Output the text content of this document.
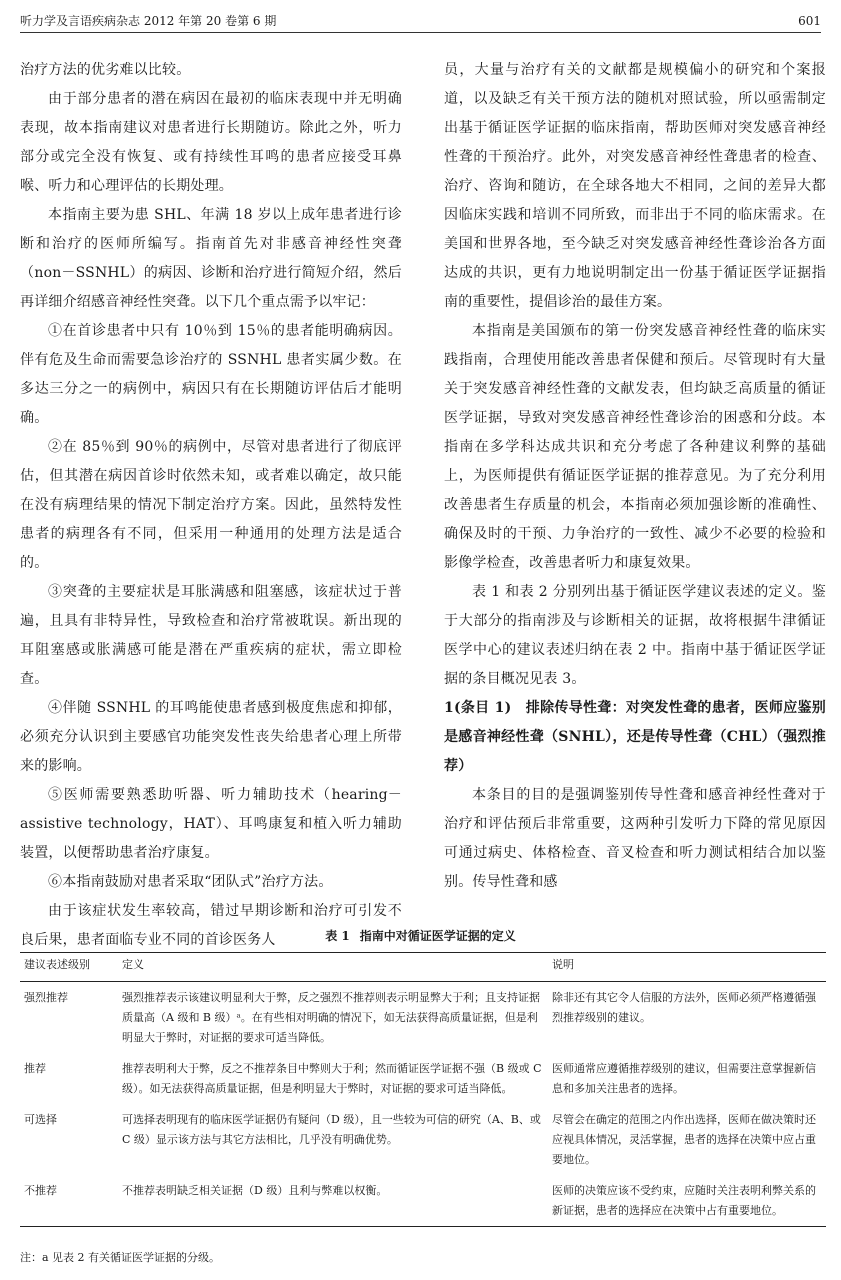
听力学及言语疾病杂志 2012 年第 20 卷第 6 期	601

治疗方法的优劣难以比较。

由于部分患者的潜在病因在最初的临床表现中并无明确表现，故本指南建议对患者进行长期随访。除此之外，听力部分或完全没有恢复、或有持续性耳鸣的患者应接受耳鼻喉、听力和心理评估的长期处理。

本指南主要为患 SHL、年满 18 岁以上成年患者进行诊断和治疗的医师所编写。指南首先对非感音神经性突聋（non－SSNHL）的病因、诊断和治疗进行简短介绍，然后再详细介绍感音神经性突聋。以下几个重点需予以牢记：

①在首诊患者中只有 10％到 15％的患者能明确病因。伴有危及生命而需要急诊治疗的 SSNHL 患者实属少数。在多达三分之一的病例中，病因只有在长期随访评估后才能明确。

②在 85％到 90％的病例中，尽管对患者进行了彻底评估，但其潜在病因首诊时依然未知，或者难以确定，故只能在没有病理结果的情况下制定治疗方案。因此，虽然特发性患者的病理各有不同，但采用一种通用的处理方法是适合的。

③突聋的主要症状是耳胀满感和阻塞感，该症状过于普遍，且具有非特异性，导致检查和治疗常被耽误。新出现的耳阻塞感或胀满感可能是潜在严重疾病的症状，需立即检查。

④伴随 SSNHL 的耳鸣能使患者感到极度焦虑和抑郁，必须充分认识到主要感官功能突发性丧失给患者心理上所带来的影响。

⑤医师需要熟悉助听器、听力辅助技术（hearing－assistive technology，HAT）、耳鸣康复和植入听力辅助装置，以便帮助患者治疗康复。

⑥本指南鼓励对患者采取“团队式”治疗方法。

由于该症状发生率较高，错过早期诊断和治疗可引发不良后果，患者面临专业不同的首诊医务人

员，大量与治疗有关的文献都是规模偏小的研究和个案报道，以及缺乏有关干预方法的随机对照试验，所以亟需制定出基于循证医学证据的临床指南，帮助医师对突发感音神经性聋的干预治疗。此外，对突发感音神经性聋患者的检查、治疗、咨询和随访，在全球各地大不相同，之间的差异大都因临床实践和培训不同所致，而非出于不同的临床需求。在美国和世界各地，至今缺乏对突发感音神经性聋诊治各方面达成的共识，更有力地说明制定出一份基于循证医学证据指南的重要性，提倡诊治的最佳方案。

本指南是美国颁布的第一份突发感音神经性聋的临床实践指南，合理使用能改善患者保健和预后。尽管现时有大量关于突发感音神经性聋的文献发表，但均缺乏高质量的循证医学证据，导致对突发感音神经性聋诊治的困惑和分歧。本指南在多学科达成共识和充分考虑了各种建议利弊的基础上，为医师提供有循证医学证据的推荐意见。为了充分利用改善患者生存质量的机会，本指南必须加强诊断的准确性、确保及时的干预、力争治疗的一致性、减少不必要的检验和影像学检查，改善患者听力和康复效果。

表 1 和表 2 分别列出基于循证医学建议表述的定义。鉴于大部分的指南涉及与诊断相关的证据，故将根据牛津循证医学中心的建议表述归纳在表 2 中。指南中基于循证医学证据的条目概况见表 3。

1(条目 1)　排除传导性聋：对突发性聋的患者，医师应鉴别是感音神经性聋（SNHL），还是传导性聋（CHL）（强烈推荐）

本条目的目的是强调鉴别传导性聋和感音神经性聋对于治疗和评估预后非常重要，这两种引发听力下降的常见原因可通过病史、体格检查、音叉检查和听力测试相结合加以鉴别。传导性聋和感

表 1 指南中对循证医学证据的定义
建议表述级别	定义	说明
强烈推荐	强烈推荐表示该建议明显利大于弊，反之强烈不推荐则表示明显弊大于利；且支持证据质量高（A 级和 B 级）ᵃ。在有些相对明确的情况下，如无法获得高质量证据，但是利明显大于弊时，对证据的要求可适当降低。	除非还有其它令人信服的方法外，医师必须严格遵循强烈推荐级别的建议。
推荐	推荐表明利大于弊，反之不推荐条目中弊则大于利；然而循证医学证据不强（B 级或 C 级）。如无法获得高质量证据，但是利明显大于弊时，对证据的要求可适当降低。	医师通常应遵循推荐级别的建议，但需要注意掌握新信息和多加关注患者的选择。
可选择	可选择表明现有的临床医学证据仍有疑问（D 级），且一些较为可信的研究（A、B、或 C 级）显示该方法与其它方法相比，几乎没有明确优势。	尽管会在确定的范围之内作出选择，医师在做决策时还应视具体情况，灵活掌握，患者的选择在决策中应占重要地位。
不推荐	不推荐表明缺乏相关证据（D 级）且利与弊难以权衡。	医师的决策应该不受约束，应随时关注表明利弊关系的新证据，患者的选择应在决策中占有重要地位。
注：a 见表 2 有关循证医学证据的分级。
